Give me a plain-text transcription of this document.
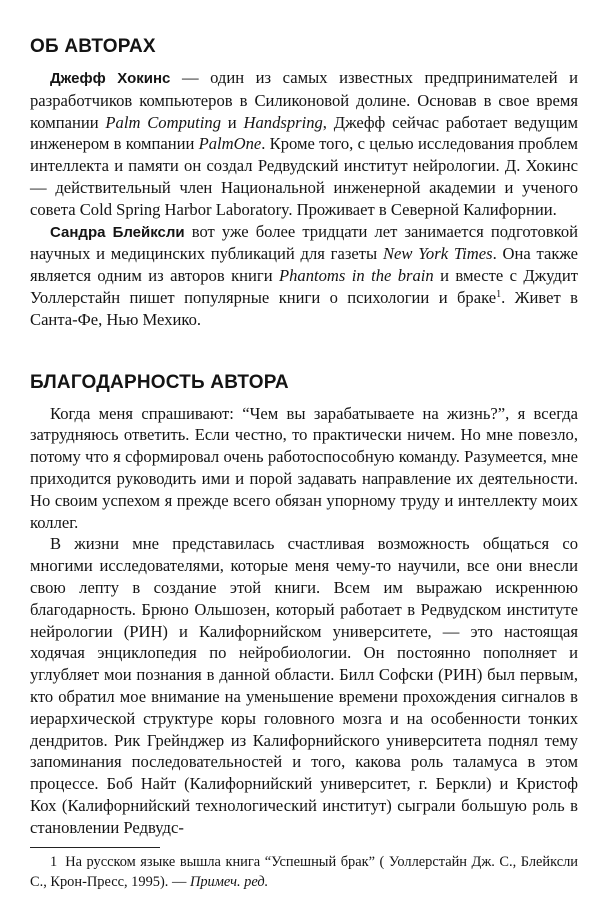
ОБ АВТОРАХ

Джефф Хокинс — один из самых известных предпринимателей и разработчиков компьютеров в Силиконовой долине. Основав в свое время компании Palm Computing и Handspring, Джефф сейчас работает ведущим инженером в компании PalmOne. Кроме того, с целью исследования проблем интеллекта и памяти он создал Редвудский институт нейрологии. Д. Хокинс — действительный член Национальной инженерной академии и ученого совета Cold Spring Harbor Laboratory. Проживает в Северной Калифорнии.

Сандра Блейксли вот уже более тридцати лет занимается подготовкой научных и медицинских публикаций для газеты New York Times. Она также является одним из авторов книги Phantoms in the brain и вместе с Джудит Уоллерстайн пишет популярные книги о психологии и браке$^1$. Живет в Санта-Фе, Нью Мехико.

БЛАГОДАРНОСТЬ АВТОРА

Когда меня спрашивают: “Чем вы зарабатываете на жизнь?”, я всегда затрудняюсь ответить. Если честно, то практически ничем. Но мне повезло, потому что я сформировал очень работоспособную команду. Разумеется, мне приходится руководить ими и порой задавать направление их деятельности. Но своим успехом я прежде всего обязан упорному труду и интеллекту моих коллег.

В жизни мне представилась счастливая возможность общаться со многими исследователями, которые меня чему-то научили, все они внесли свою лепту в создание этой книги. Всем им выражаю искреннюю благодарность. Брюно Ольшозен, который работает в Редвудском институте нейрологии (РИН) и Калифорнийском университете, — это настоящая ходячая энциклопедия по нейробиологии. Он постоянно пополняет и углубляет мои познания в данной области. Билл Софски (РИН) был первым, кто обратил мое внимание на уменьшение времени прохождения сигналов в иерархической структуре коры головного мозга и на особенности тонких дендритов. Рик Грейнджер из Калифорнийского университета поднял тему запоминания последовательностей и того, какова роль таламуса в этом процессе. Боб Найт (Калифорнийский университет, г. Беркли) и Кристоф Кох (Калифорнийский технологический институт) сыграли большую роль в становлении Редвудс-

1 На русском языке вышла книга “Успешный брак” ( Уоллерстайн Дж. С., Блейксли С., Крон-Пресс, 1995). — Примеч. ред.
